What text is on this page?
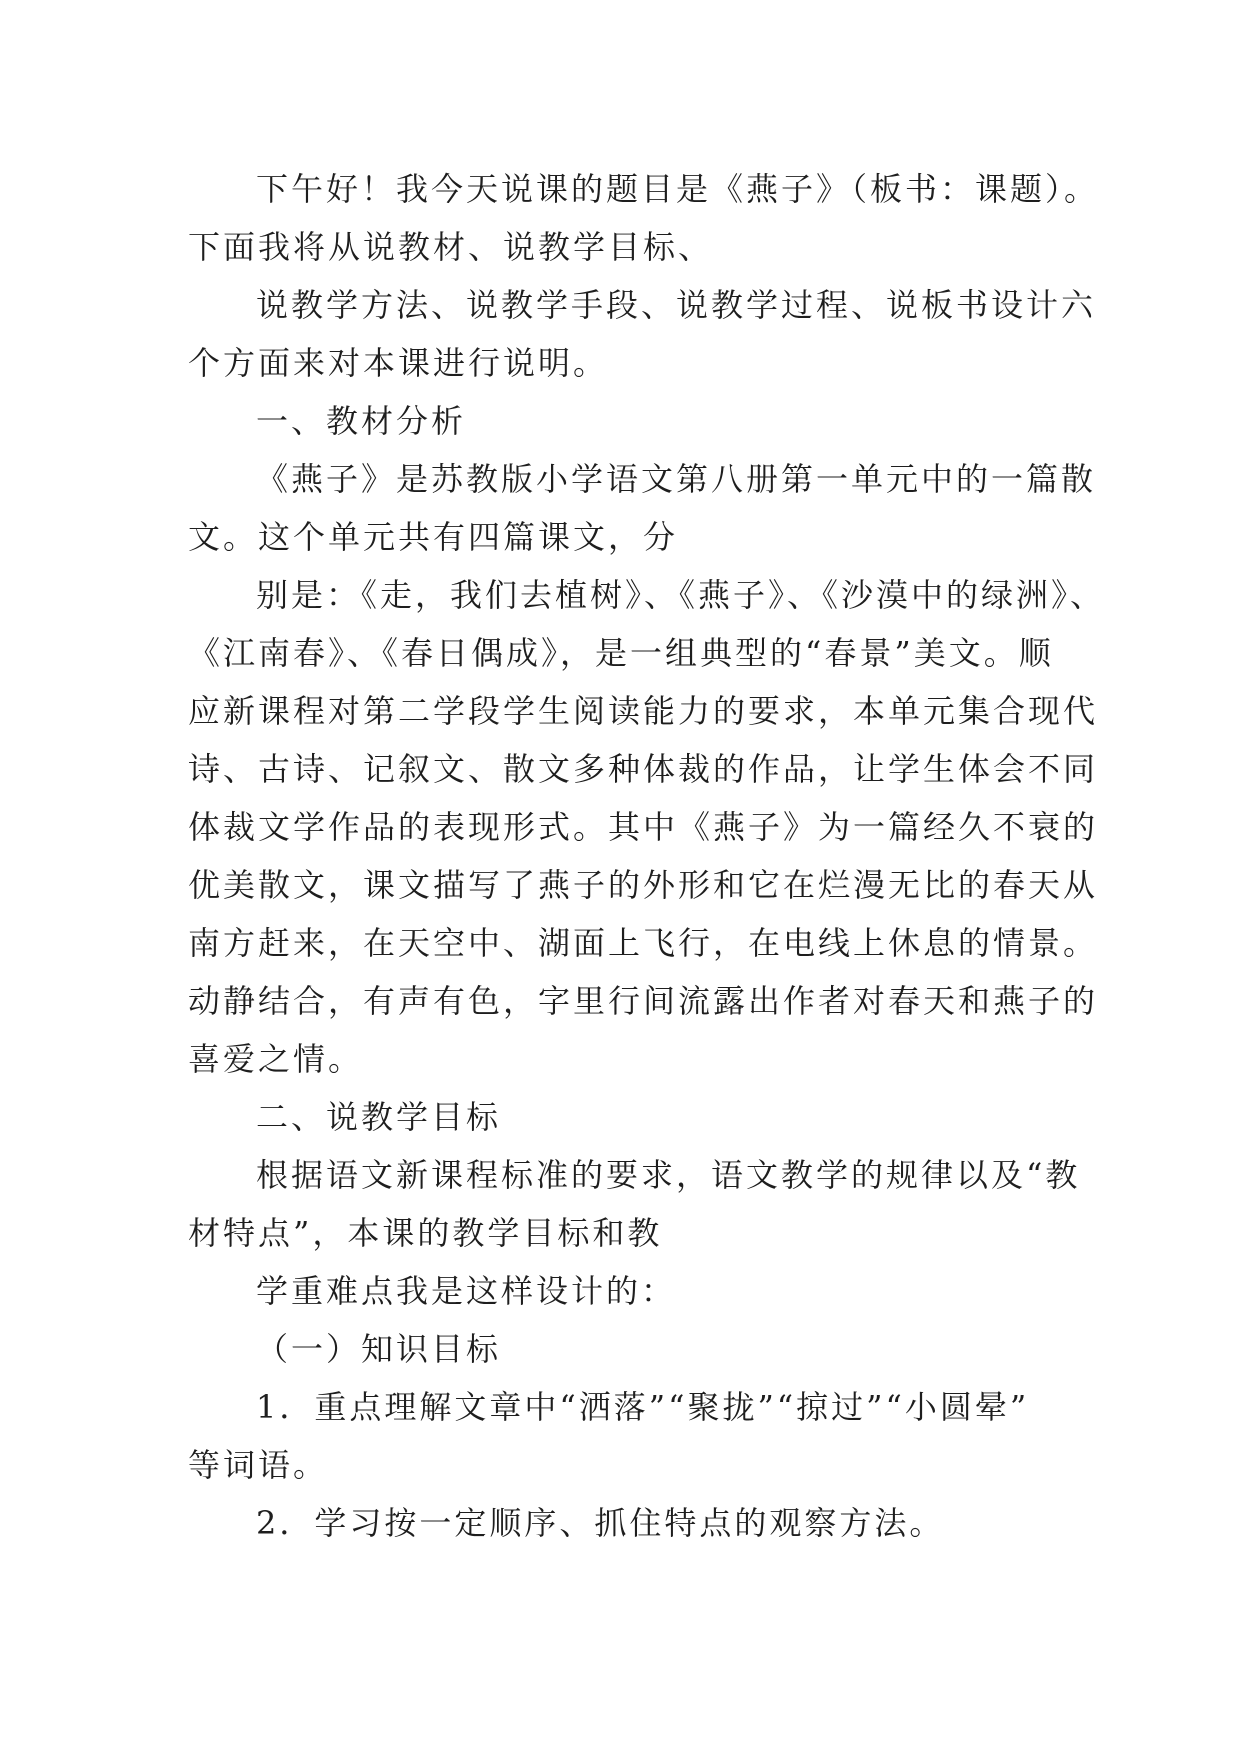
下午好！我今天说课的题目是《燕子》（板书：课题）。
下面我将从说教材、说教学目标、
说教学方法、说教学手段、说教学过程、说板书设计六
个方面来对本课进行说明。
一、教材分析
《燕子》是苏教版小学语文第八册第一单元中的一篇散
文。这个单元共有四篇课文，分
别是：《走，我们去植树》、《燕子》、《沙漠中的绿洲》、
《江南春》、《春日偶成》，是一组典型的“春景”美文。顺
应新课程对第二学段学生阅读能力的要求，本单元集合现代
诗、古诗、记叙文、散文多种体裁的作品，让学生体会不同
体裁文学作品的表现形式。其中《燕子》为一篇经久不衰的
优美散文，课文描写了燕子的外形和它在烂漫无比的春天从
南方赶来，在天空中、湖面上飞行，在电线上休息的情景。
动静结合，有声有色，字里行间流露出作者对春天和燕子的
喜爱之情。
二、说教学目标
根据语文新课程标准的要求，语文教学的规律以及“教
材特点”，本课的教学目标和教
学重难点我是这样设计的：
（一）知识目标
1．重点理解文章中“洒落”“聚拢”“掠过”“小圆晕”
等词语。
2．学习按一定顺序、抓住特点的观察方法。
